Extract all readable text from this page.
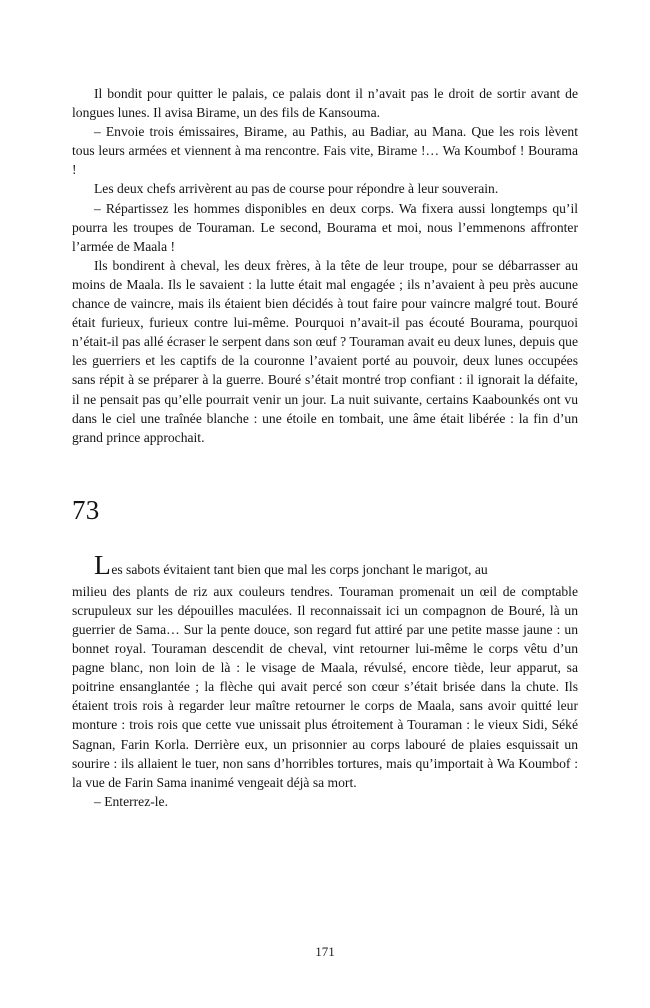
Il bondit pour quitter le palais, ce palais dont il n’avait pas le droit de sortir avant de longues lunes. Il avisa Birame, un des fils de Kansouma.

– Envoie trois émissaires, Birame, au Pathis, au Badiar, au Mana. Que les rois lèvent tous leurs armées et viennent à ma rencontre. Fais vite, Birame !… Wa Koumbof ! Bourama !

Les deux chefs arrivèrent au pas de course pour répondre à leur souverain.

– Répartissez les hommes disponibles en deux corps. Wa fixera aussi longtemps qu’il pourra les troupes de Touraman. Le second, Bourama et moi, nous l’emmenons affronter l’armée de Maala !

Ils bondirent à cheval, les deux frères, à la tête de leur troupe, pour se débarrasser au moins de Maala. Ils le savaient : la lutte était mal engagée ; ils n’avaient à peu près aucune chance de vaincre, mais ils étaient bien décidés à tout faire pour vaincre malgré tout. Bouré était furieux, furieux contre lui-même. Pourquoi n’avait-il pas écouté Bourama, pourquoi n’était-il pas allé écraser le serpent dans son œuf ? Touraman avait eu deux lunes, depuis que les guerriers et les captifs de la couronne l’avaient porté au pouvoir, deux lunes occupées sans répit à se préparer à la guerre. Bouré s’était montré trop confiant : il ignorait la défaite, il ne pensait pas qu’elle pourrait venir un jour. La nuit suivante, certains Kaabounkés ont vu dans le ciel une traînée blanche : une étoile en tombait, une âme était libérée : la fin d’un grand prince approchait.

73

Les sabots évitaient tant bien que mal les corps jonchant le marigot, au

milieu des plants de riz aux couleurs tendres. Touraman promenait un œil de comptable scrupuleux sur les dépouilles maculées. Il reconnaissait ici un compagnon de Bouré, là un guerrier de Sama… Sur la pente douce, son regard fut attiré par une petite masse jaune : un bonnet royal. Touraman descendit de cheval, vint retourner lui-même le corps vêtu d’un pagne blanc, non loin de là : le visage de Maala, révulsé, encore tiède, leur apparut, sa poitrine ensanglantée ; la flèche qui avait percé son cœur s’était brisée dans la chute. Ils étaient trois rois à regarder leur maître retourner le corps de Maala, sans avoir quitté leur monture : trois rois que cette vue unissait plus étroitement à Touraman : le vieux Sidi, Séké Sagnan, Farin Korla. Derrière eux, un prisonnier au corps labouré de plaies esquissait un sourire : ils allaient le tuer, non sans d’horribles tortures, mais qu’importait à Wa Koumbof : la vue de Farin Sama inanimé vengeait déjà sa mort.

– Enterrez-le.

171
